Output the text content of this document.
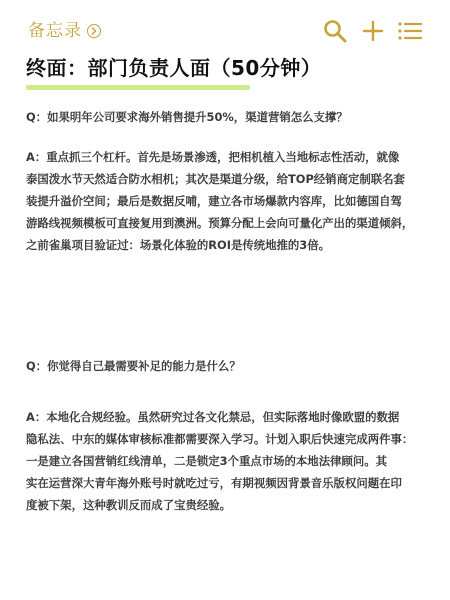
备忘录
终面：部门负责人面（50分钟）
Q：如果明年公司要求海外销售提升50%，渠道营销怎么支撑？
A：重点抓三个杠杆。首先是场景渗透，把相机植入当地标志性活动，就像
泰国泼水节天然适合防水相机；其次是渠道分级，给TOP经销商定制联名套
装提升溢价空间；最后是数据反哺，建立各市场爆款内容库，比如德国自驾
游路线视频模板可直接复用到澳洲。预算分配上会向可量化产出的渠道倾斜，
之前雀巢项目验证过：场景化体验的ROI是传统地推的3倍。
Q：你觉得自己最需要补足的能力是什么？
A：本地化合规经验。虽然研究过各文化禁忌，但实际落地时像欧盟的数据
隐私法、中东的媒体审核标准都需要深入学习。计划入职后快速完成两件事：
一是建立各国营销红线清单，二是锁定3个重点市场的本地法律顾问。其
实在运营深大青年海外账号时就吃过亏，有期视频因背景音乐版权问题在印
度被下架，这种教训反而成了宝贵经验。
